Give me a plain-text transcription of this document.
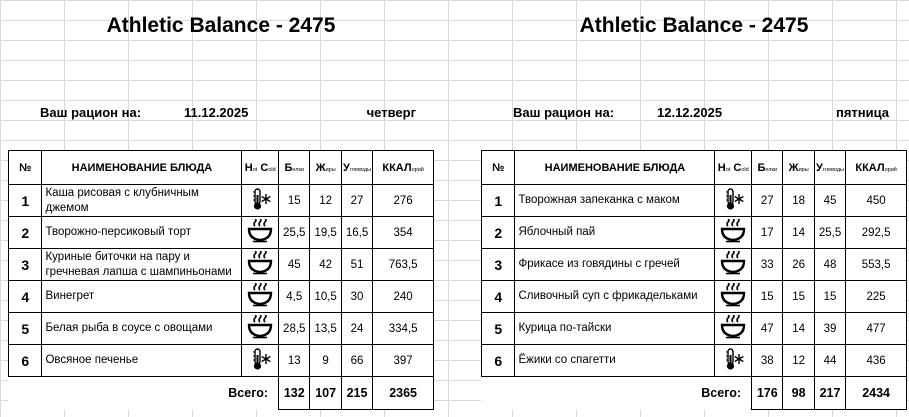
Athletic Balance - 2475
Ваш рацион на:	11.12.2025	четверг
№	НАИМЕНОВАНИЕ БЛЮДА	Нot Сold	Белки	Жиры	Углеводы	ККАЛорий
1	Каша рисовая с клубничным джемом		15	12	27	276
2	Творожно-персиковый торт		25,5	19,5	16,5	354
3	Куриные биточки на пару и гречневая лапша с шампиньонами		45	42	51	763,5
4	Винегрет		4,5	10,5	30	240
5	Белая рыба в соусе с овощами		28,5	13,5	24	334,5
6	Овсяное печенье		13	9	66	397
	Всего:		132	107	215	2365
Athletic Balance - 2475
Ваш рацион на:	12.12.2025	пятница
№	НАИМЕНОВАНИЕ БЛЮДА	Нot Сold	Белки	Жиры	Углеводы	ККАЛорий
1	Творожная запеканка с маком		27	18	45	450
2	Яблочный пай		17	14	25,5	292,5
3	Фрикасе из говядины с гречей		33	26	48	553,5
4	Сливочный суп с фрикадельками		15	15	15	225
5	Курица по-тайски		47	14	39	477
6	Ёжики со спагетти		38	12	44	436
	Всего:		176	98	217	2434
